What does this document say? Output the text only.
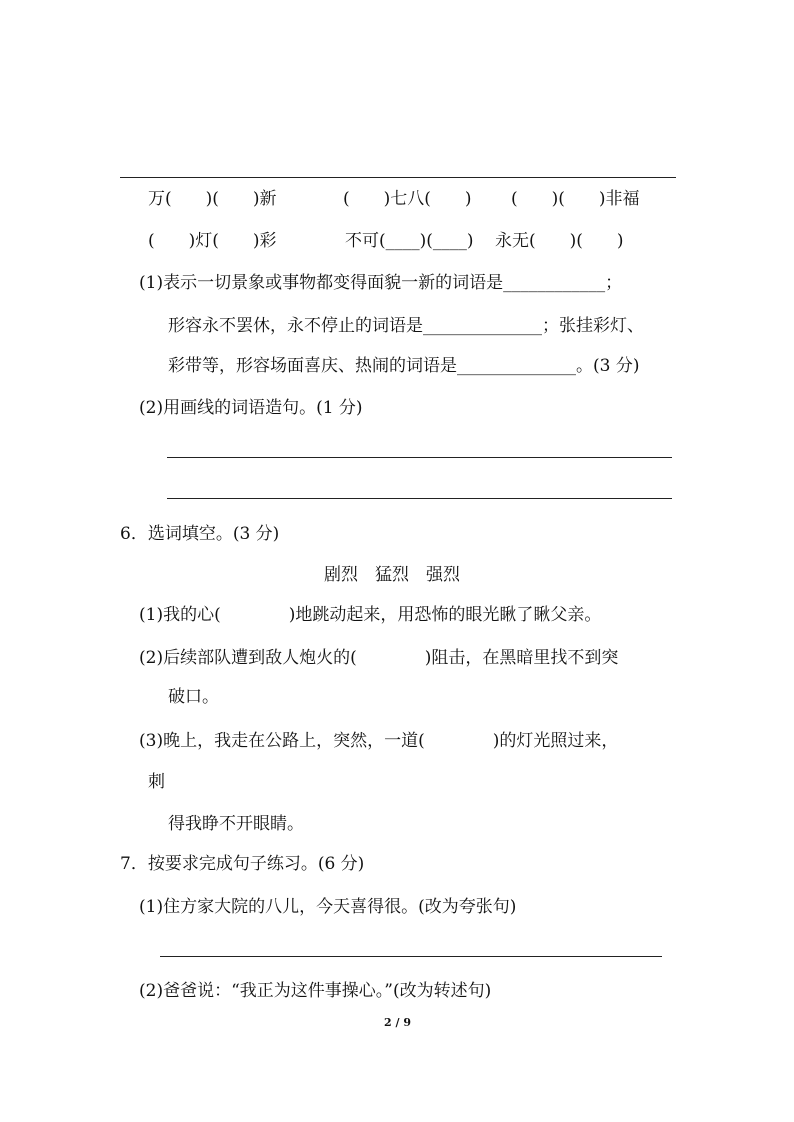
万(　　)(　　)新	(　　)七八(　　) (　　)(　　)非福
(　　)灯(　　)彩	不可(____)(____) 永无(　　)(　　)
(1)表示一切景象或事物都变得面貌一新的词语是____________；
形容永不罢休，永不停止的词语是______________；张挂彩灯、
彩带等，形容场面喜庆、热闹的词语是______________。(3 分)
(2)用画线的词语造句。(1 分)
6．选词填空。(3 分)
剧烈　猛烈　强烈
(1)我的心(　　　　)地跳动起来，用恐怖的眼光瞅了瞅父亲。
(2)后续部队遭到敌人炮火的(　　　　)阻击，在黑暗里找不到突
破口。
(3)晚上，我走在公路上，突然，一道(　　　　)的灯光照过来，
刺
得我睁不开眼睛。
7．按要求完成句子练习。(6 分)
(1)住方家大院的八儿，今天喜得很。(改为夸张句)
(2)爸爸说：“我正为这件事操心。”(改为转述句)
2 / 9
